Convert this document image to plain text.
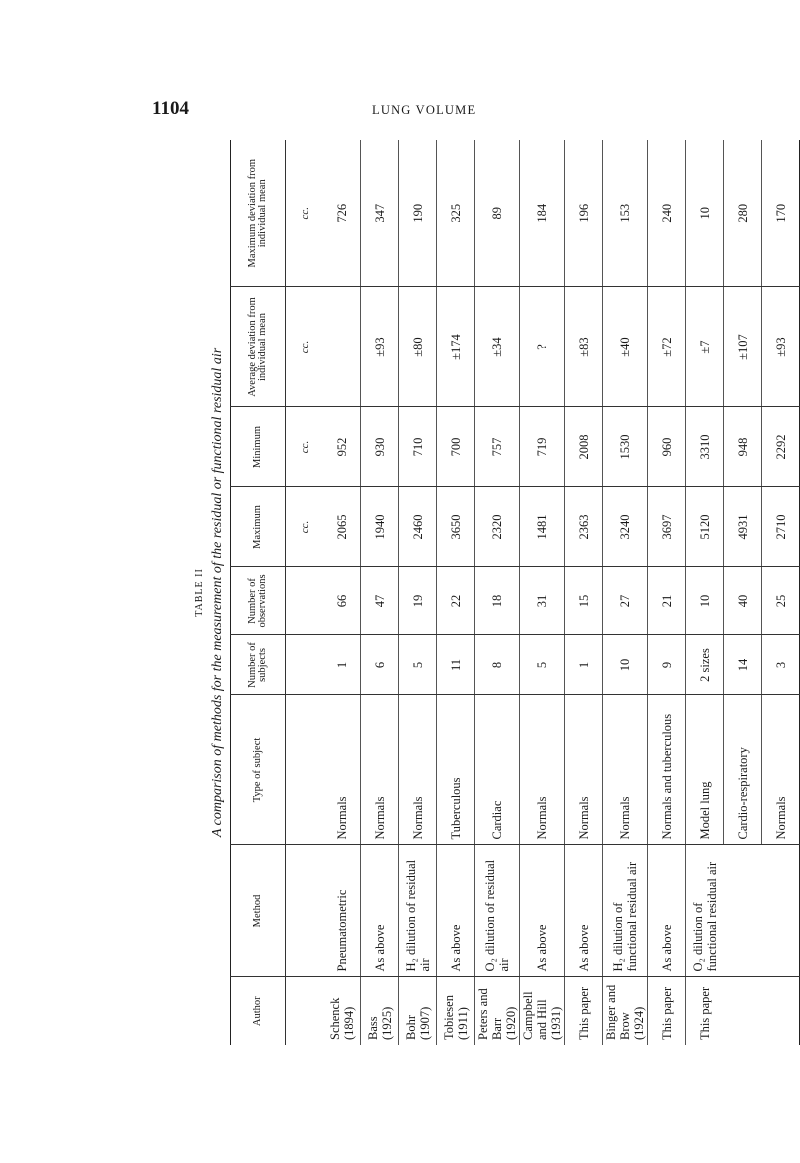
1104	LUNG VOLUME
TABLE II A comparison of methods for the measurement of the residual or functional residual air
Author	Method	Type of subject	Number of subjects	Number of observations	Maximum	Minimum	Average deviation from individual mean	Maximum deviation from individual mean
					cc.	cc.	cc.	cc.
Schenck (1894)	Pneumatometric	Normals	1	66	2065	952		726
Bass (1925)	As above	Normals	6	47	1940	930	±93	347
Bohr (1907)	H₂ dilution of residual air	Normals	5	19	2460	710	±80	190
Tobiesen (1911)	As above	Tuberculous	11	22	3650	700	±174	325
Peters and Barr (1920)	O₂ dilution of residual air	Cardiac	8	18	2320	757	±34	89
Campbell and Hill (1931)	As above	Normals	5	31	1481	719	?	184
This paper	As above	Normals	1	15	2363	2008	±83	196
Binger and Brow (1924)	H₂ dilution of functional residual air	Normals	10	27	3240	1530	±40	153
This paper	As above	Normals and tuberculous	9	21	3697	960	±72	240
This paper	O₂ dilution of functional residual air	Model lung	2 sizes	10	5120	3310	±7	10
		Cardio-respiratory	14	40	4931	948	±107	280
		Normals	3	25	2710	2292	±93	170
